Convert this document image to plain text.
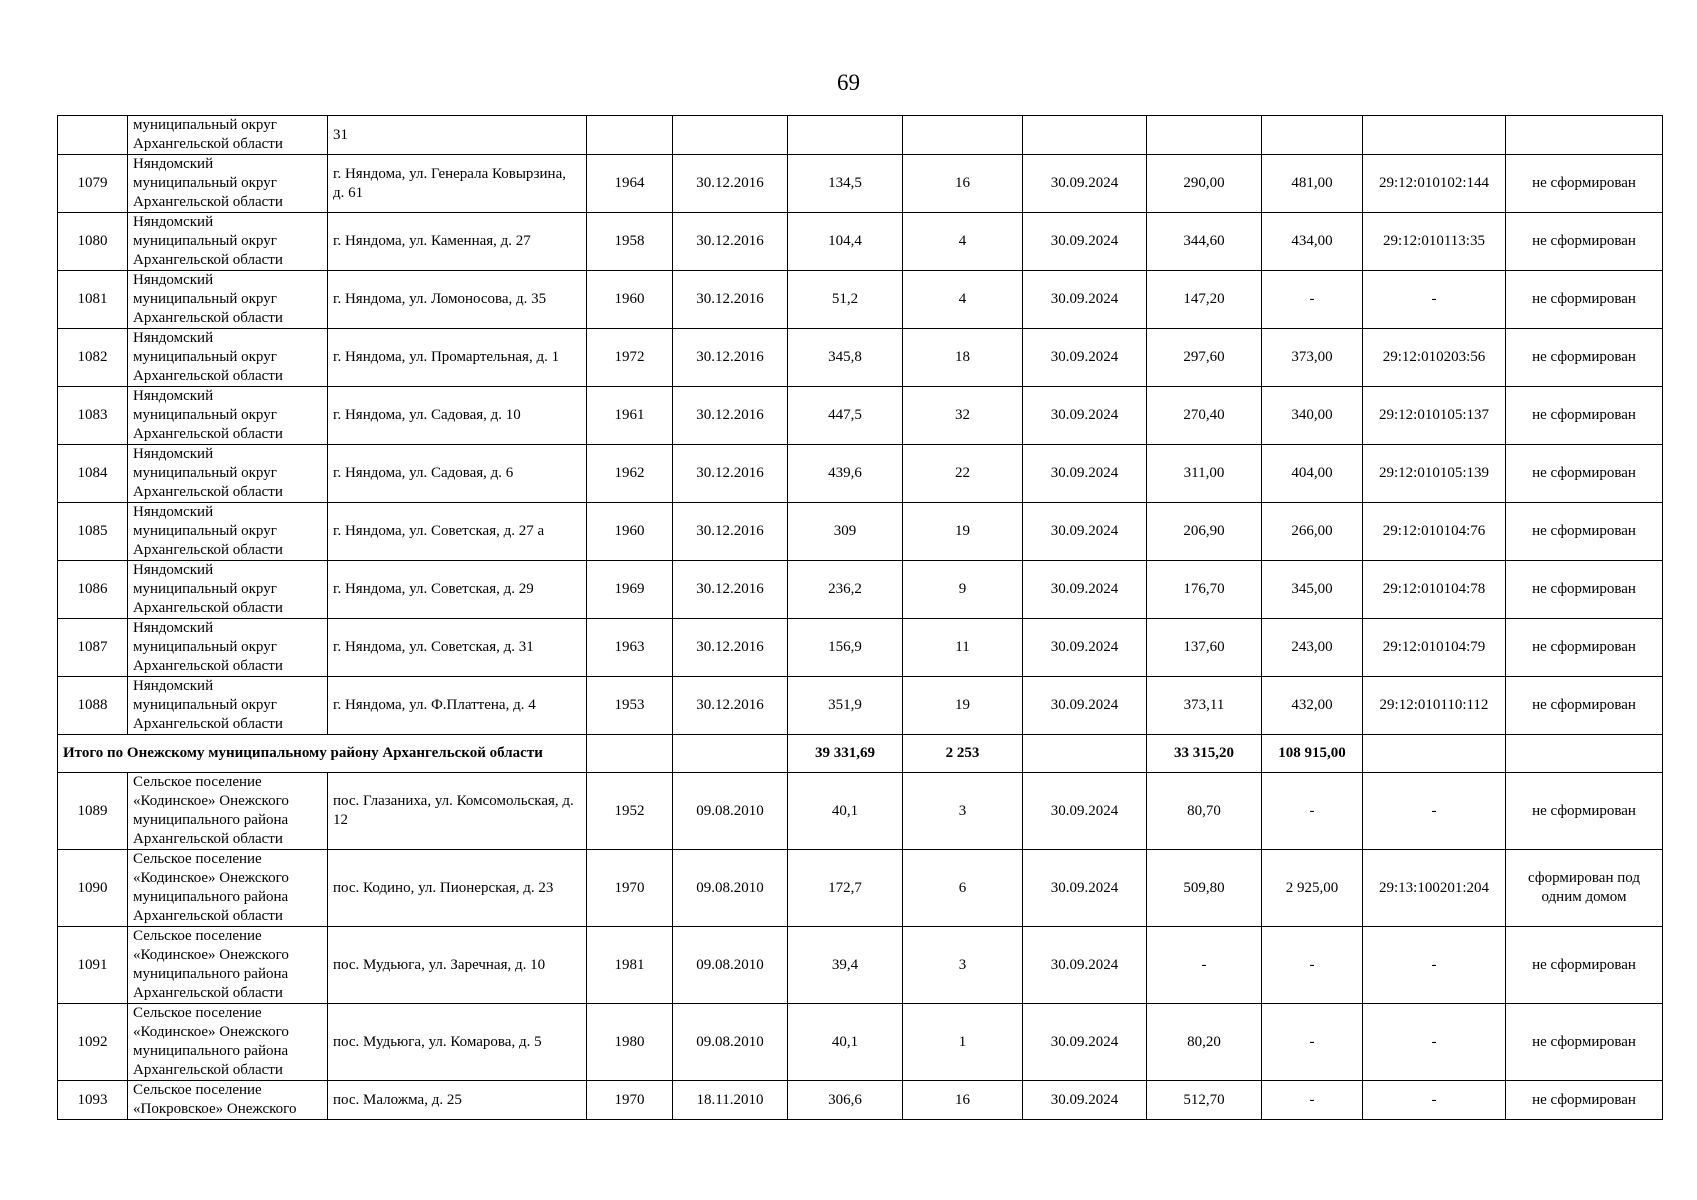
69
	муниципальный округ
Архангельской области	31									
1079	Няндомский
муниципальный округ
Архангельской области	г. Няндома, ул. Генерала Ковырзина, д. 61	1964	30.12.2016	134,5	16	30.09.2024	290,00	481,00	29:12:010102:144	не сформирован
1080	Няндомский
муниципальный округ
Архангельской области	г. Няндома, ул. Каменная, д. 27	1958	30.12.2016	104,4	4	30.09.2024	344,60	434,00	29:12:010113:35	не сформирован
1081	Няндомский
муниципальный округ
Архангельской области	г. Няндома, ул. Ломоносова, д. 35	1960	30.12.2016	51,2	4	30.09.2024	147,20	-	-	не сформирован
1082	Няндомский
муниципальный округ
Архангельской области	г. Няндома, ул. Промартельная, д. 1	1972	30.12.2016	345,8	18	30.09.2024	297,60	373,00	29:12:010203:56	не сформирован
1083	Няндомский
муниципальный округ
Архангельской области	г. Няндома, ул. Садовая, д. 10	1961	30.12.2016	447,5	32	30.09.2024	270,40	340,00	29:12:010105:137	не сформирован
1084	Няндомский
муниципальный округ
Архангельской области	г. Няндома, ул. Садовая, д. 6	1962	30.12.2016	439,6	22	30.09.2024	311,00	404,00	29:12:010105:139	не сформирован
1085	Няндомский
муниципальный округ
Архангельской области	г. Няндома, ул. Советская, д. 27 а	1960	30.12.2016	309	19	30.09.2024	206,90	266,00	29:12:010104:76	не сформирован
1086	Няндомский
муниципальный округ
Архангельской области	г. Няндома, ул. Советская, д. 29	1969	30.12.2016	236,2	9	30.09.2024	176,70	345,00	29:12:010104:78	не сформирован
1087	Няндомский
муниципальный округ
Архангельской области	г. Няндома, ул. Советская, д. 31	1963	30.12.2016	156,9	11	30.09.2024	137,60	243,00	29:12:010104:79	не сформирован
1088	Няндомский
муниципальный округ
Архангельской области	г. Няндома, ул. Ф.Платтена, д. 4	1953	30.12.2016	351,9	19	30.09.2024	373,11	432,00	29:12:010110:112	не сформирован
Итого по Онежскому муниципальному району Архангельской области					39 331,69	2 253		33 315,20	108 915,00		
1089	Сельское поселение
«Кодинское» Онежского
муниципального района
Архангельской области	пос. Глазаниха, ул. Комсомольская, д. 12	1952	09.08.2010	40,1	3	30.09.2024	80,70	-	-	не сформирован
1090	Сельское поселение
«Кодинское» Онежского
муниципального района
Архангельской области	пос. Кодино, ул. Пионерская, д. 23	1970	09.08.2010	172,7	6	30.09.2024	509,80	2 925,00	29:13:100201:204	сформирован под одним домом
1091	Сельское поселение
«Кодинское» Онежского
муниципального района
Архангельской области	пос. Мудьюга, ул. Заречная, д. 10	1981	09.08.2010	39,4	3	30.09.2024	-	-	-	не сформирован
1092	Сельское поселение
«Кодинское» Онежского
муниципального района
Архангельской области	пос. Мудьюга, ул. Комарова, д. 5	1980	09.08.2010	40,1	1	30.09.2024	80,20	-	-	не сформирован
1093	Сельское поселение
«Покровское» Онежского	пос. Маложма, д. 25	1970	18.11.2010	306,6	16	30.09.2024	512,70	-	-	не сформирован
